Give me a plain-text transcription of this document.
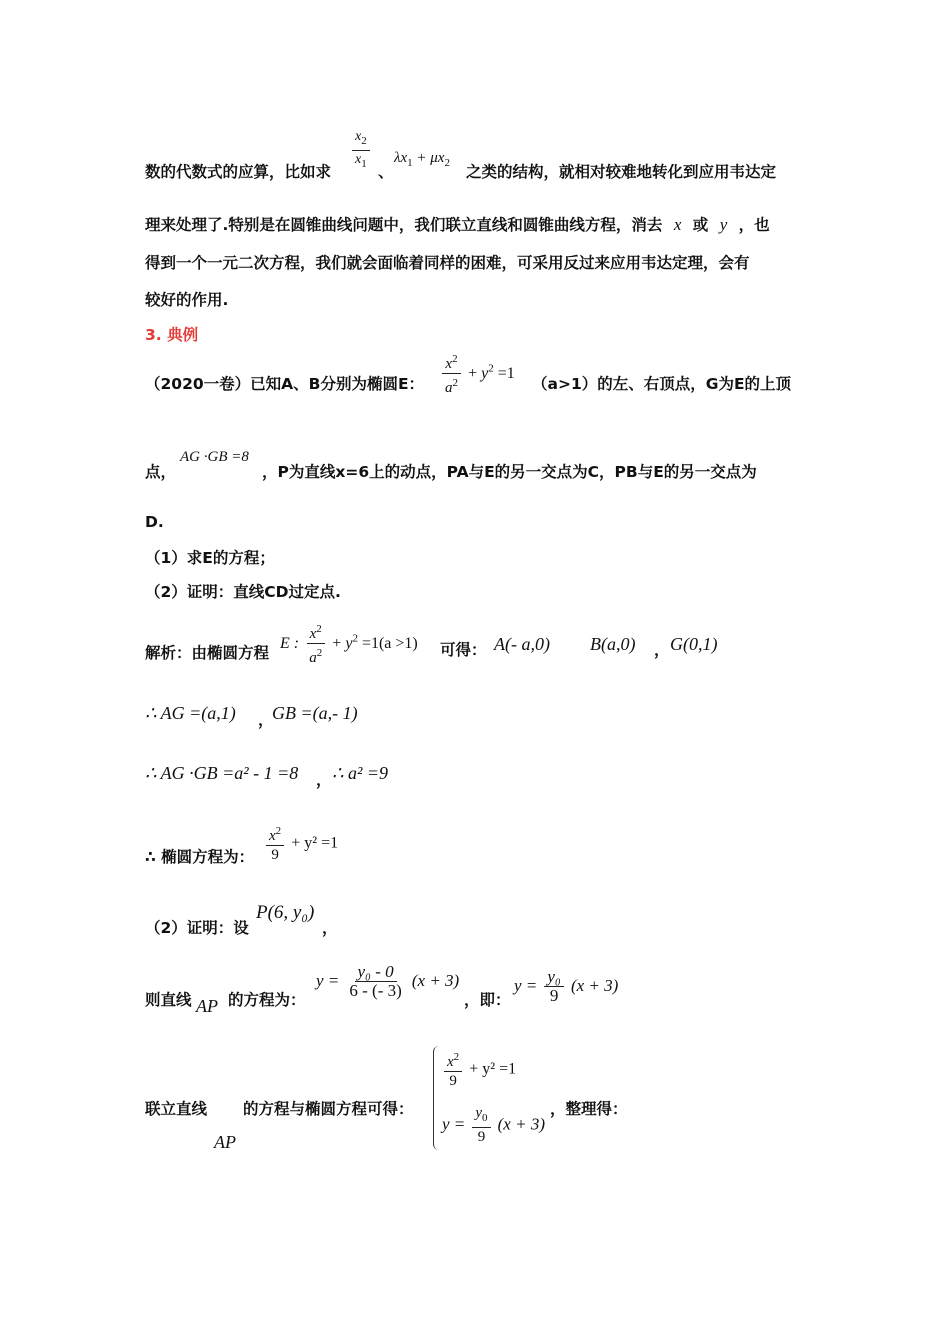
数的代数式的应算，比如求 $\frac{x_2}{x_1}$ 、
$\lambda x_1 + \mu x_2$ 之类的结构，就相对较难地转化到应用韦达定
理来处理了.特别是在圆锥曲线问题中，我们联立直线和圆锥曲线方程，消去 x 或 y ，也
得到一个一元二次方程，我们就会面临着同样的困难，可采用反过来应用韦达定理，会有
较好的作用.
3. 典例
（2020一卷）已知A、B分别为椭圆E： $\frac{x^2}{a^2} + y^2 =1$
（a>1）的左、右顶点，G为E的上顶
点，
AG ·GB =8
，P为直线x=6上的动点，PA与E的另一交点为C，PB与E的另一交点为
D.
（1）求E的方程；
（2）证明：直线CD过定点.
解析：由椭圆方程
E : $\frac{x^2}{a^2} + y^2 =1(a >1)$ 可得： A(- a,0) B(a,0) ， G(0,1)
∴ AG =(a,1) ，
GB =(a,- 1)
∴ AG ·GB =a² - 1 =8 ， ∴ a² =9
∴ 椭圆方程为： $\frac{x^2}{9} + y^2 =1$
（2）证明：设
P(6, y₀)
，
则直线 AP 的方程为：
$y = \frac{\text{y₀ - 0}}{6 - (- 3)} (x + 3)$
，即：
$y = \frac{\text{y₀}}{9} (x + 3)$
联立直线 的方程与椭圆方程可得：
AP
$\frac{x^2}{9} + y^2 =1$
$y = \frac{y_0}{9} (x + 3)$
，整理得：
